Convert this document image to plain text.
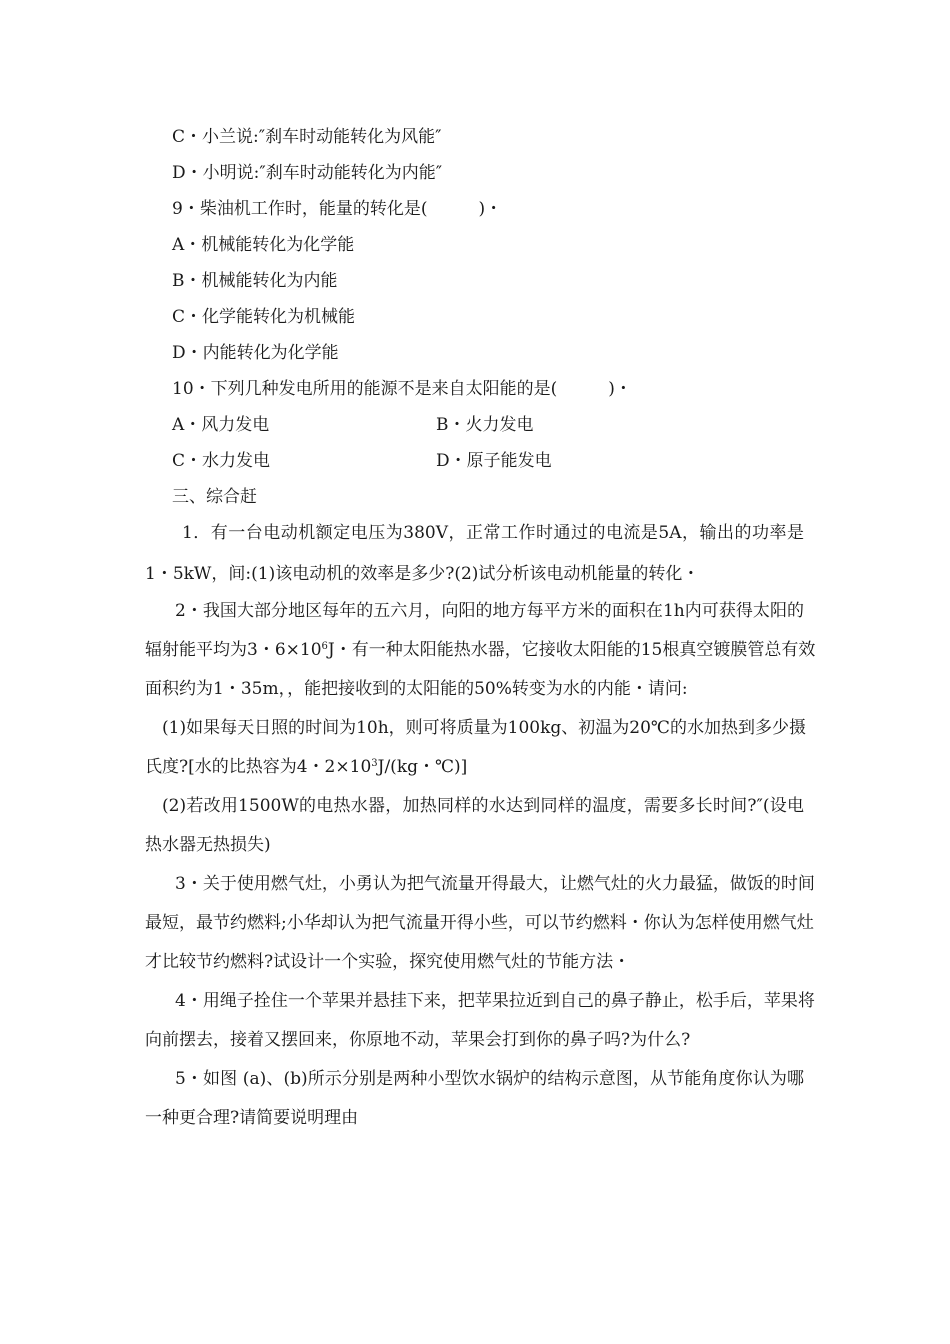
C・小兰说:″刹车时动能转化为风能″
D・小明说:″刹车时动能转化为内能″
9・柴油机工作时，能量的转化是(　　　)・
A・机械能转化为化学能
B・机械能转化为内能
C・化学能转化为机械能
D・内能转化为化学能
10・下列几种发电所用的能源不是来自太阳能的是(　　　)・
A・风力发电	B・火力发电
C・水力发电	D・原子能发电
三、综合赶
1．有一台电动机额定电压为380V，正常工作时通过的电流是5A，输出的功率是
1・5kW，间:(1)该电动机的效率是多少?(2)试分析该电动机能量的转化・
2・我国大部分地区每年的五六月，向阳的地方每平方米的面积在1h内可获得太阳的
辐射能平均为3・$6\times 10^6J$・有一种太阳能热水器，它接收太阳能的15根真空镀膜管总有效
面积约为1・35m，，能把接收到的太阳能的50%转变为水的内能・请问:
(1)如果每天日照的时间为10h，则可将质量为100kg、初温为20℃的水加热到多少摄
氏度?[水的比热容为4・$2\times 10^3J/(kg$・℃)]
(2)若改用1500W的电热水器，加热同样的水达到同样的温度，需要多长时间?″(设电
热水器无热损失)
3・关于使用燃气灶，小勇认为把气流量开得最大，让燃气灶的火力最猛，做饭的时间
最短，最节约燃料;小华却认为把气流量开得小些，可以节约燃料・你认为怎样使用燃气灶
才比较节约燃料?试设计一个实验，探究使用燃气灶的节能方法・
4・用绳子拴住一个苹果并悬挂下来，把苹果拉近到自己的鼻子静止，松手后，苹果将
向前摆去，接着又摆回来，你原地不动，苹果会打到你的鼻子吗?为什么?
5・如图 (a)、(b)所示分别是两种小型饮水锅炉的结构示意图，从节能角度你认为哪
一种更合理?请简要说明理由
